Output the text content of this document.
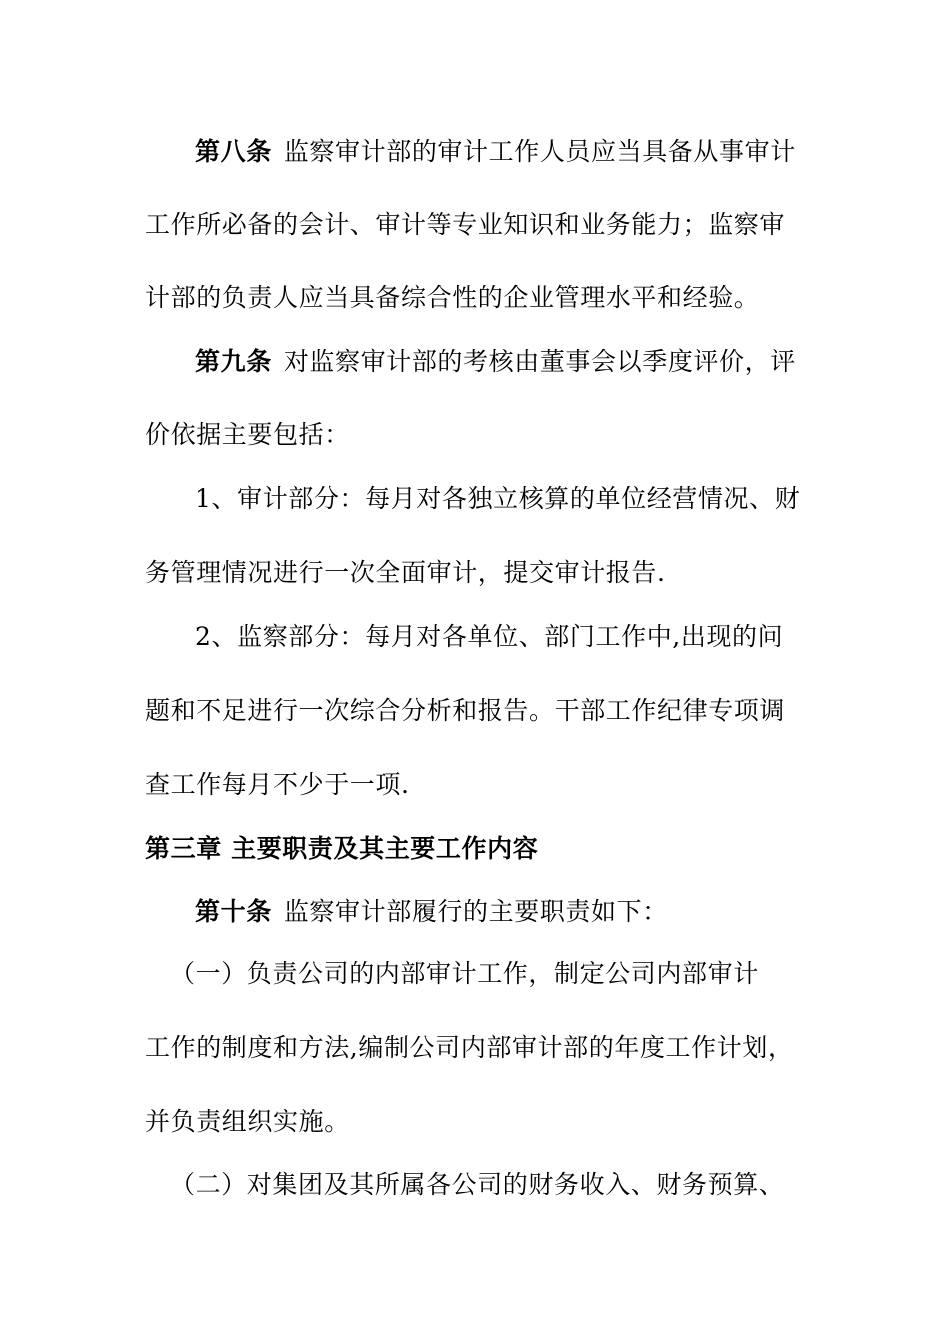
第八条 监察审计部的审计工作人员应当具备从事审计
工作所必备的会计、审计等专业知识和业务能力；监察审
计部的负责人应当具备综合性的企业管理水平和经验。
第九条 对监察审计部的考核由董事会以季度评价，评
价依据主要包括：
1、审计部分：每月对各独立核算的单位经营情况、财
务管理情况进行一次全面审计，提交审计报告.
2、监察部分：每月对各单位、部门工作中,出现的问
题和不足进行一次综合分析和报告。干部工作纪律专项调
查工作每月不少于一项.
第三章 主要职责及其主要工作内容
第十条 监察审计部履行的主要职责如下：
（一）负责公司的内部审计工作，制定公司内部审计
工作的制度和方法,编制公司内部审计部的年度工作计划，
并负责组织实施。
（二）对集团及其所属各公司的财务收入、财务预算、
